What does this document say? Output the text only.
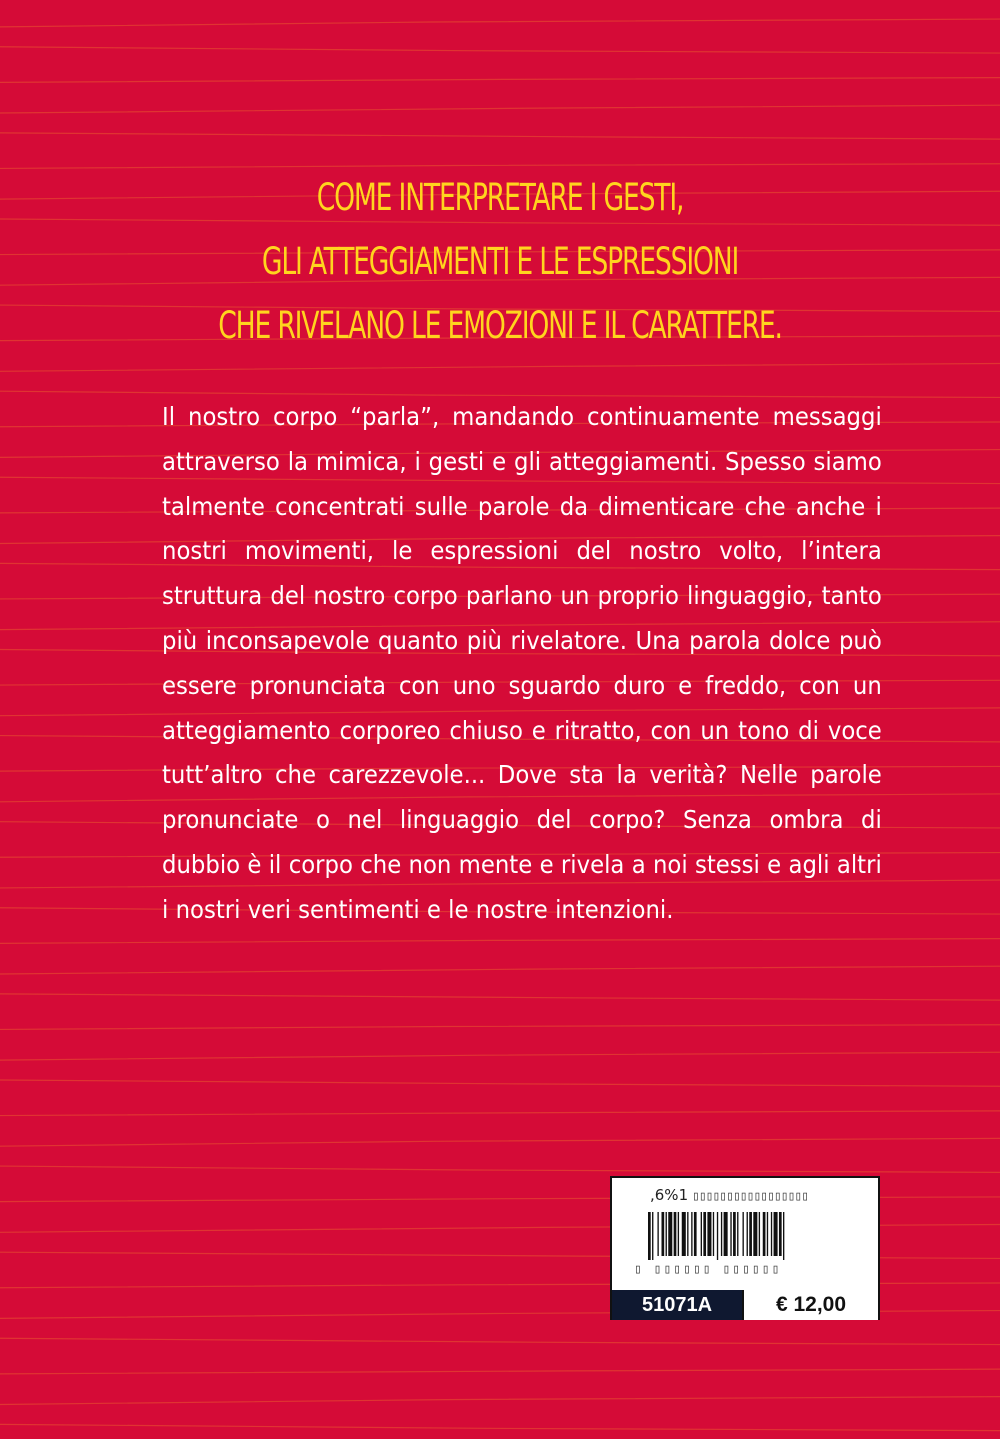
COME INTERPRETARE I GESTI,
GLI ATTEGGIAMENTI E LE ESPRESSIONI
CHE RIVELANO LE EMOZIONI E IL CARATTERE.

Il nostro corpo “parla”, mandando continuamente messaggi attraverso la mimica, i gesti e gli atteggiamenti. Spesso siamo talmente concentrati sulle parole da dimenticare che anche i nostri movimenti, le espressioni del nostro volto, l’intera struttura del nostro corpo parlano un proprio linguaggio, tanto più inconsapevole quanto più rivelatore. Una parola dolce può essere pronunciata con uno sguardo duro e freddo, con un atteggiamento corporeo chiuso e ritratto, con un tono di voce tutt’altro che carezzevole... Dove sta la verità? Nelle parole pronunciate o nel linguaggio del corpo? Senza ombra di dubbio è il corpo che non mente e rivela a noi stessi e agli altri i nostri veri sentimenti e le nostre intenzioni.

,6%1 ▯▯▯▯▯▯▯▯▯▯▯▯▯▯▯▯▯
▯ ▯▯▯▯▯▯ ▯▯▯▯▯▯
51071A	€ 12,00
